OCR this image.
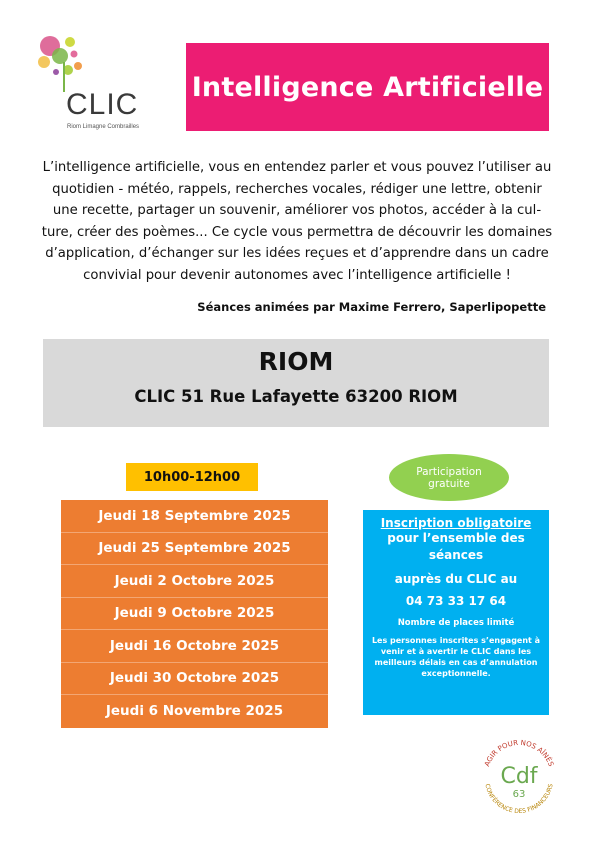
CLIC
Riom Limagne Combrailles
Intelligence Artificielle
L’intelligence artificielle, vous en entendez parler et vous pouvez l’utiliser au
quotidien - météo, rappels, recherches vocales, rédiger une lettre, obtenir
une recette, partager un souvenir, améliorer vos photos, accéder à la cul-
ture, créer des poèmes... Ce cycle vous permettra de découvrir les domaines
d’application, d’échanger sur les idées reçues et d’apprendre dans un cadre
convivial pour devenir autonomes avec l’intelligence artificielle !
Séances animées par Maxime Ferrero, Saperlipopette
RIOM
CLIC 51 Rue Lafayette 63200 RIOM
10h00-12h00
Jeudi 18 Septembre 2025
Jeudi 25 Septembre 2025
Jeudi 2 Octobre 2025
Jeudi 9 Octobre 2025
Jeudi 16 Octobre 2025
Jeudi 30 Octobre 2025
Jeudi 6 Novembre 2025
Participation
gratuite
Inscription obligatoire
pour l’ensemble des
séances
auprès du CLIC au
04 73 33 17 64
Nombre de places limité
Les personnes inscrites s’engagent à
venir et à avertir le CLIC dans les
meilleurs délais en cas d’annulation
exceptionnelle.
AGIR POUR NOS AÎNÉS
CONFÉRENCE DES FINANCEURS
Cdf
63
